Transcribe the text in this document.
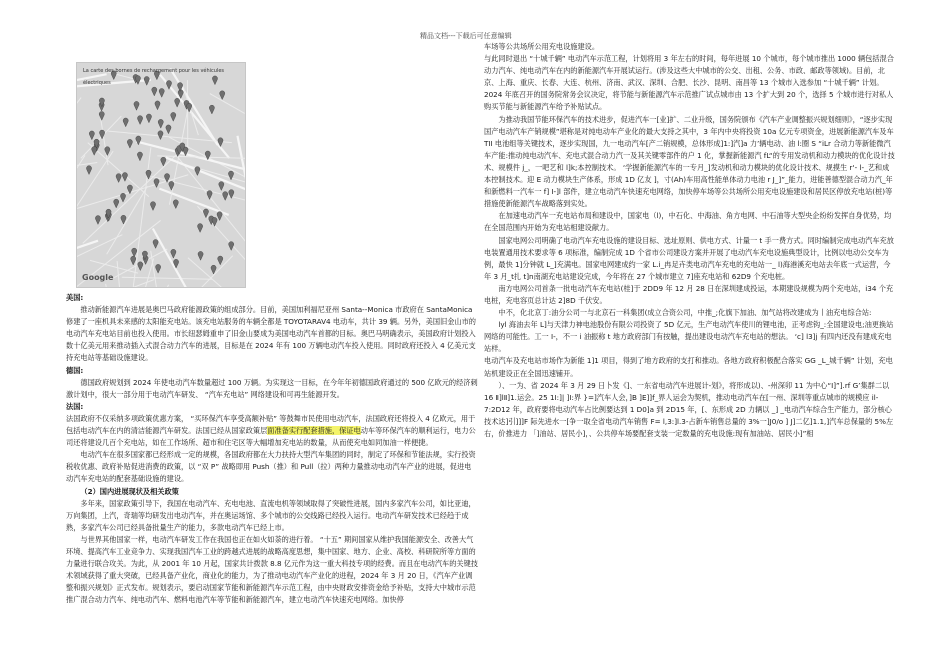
精品文档---下载后可任意编辑
La carte des bornes de rechargement pour les véhicules électriques
Google

美国:

推动新能源汽车进展是奥巴马政府能源政策的组成部分。目前，美国加利福尼亚州 Santa--Monica 市政府在 SantaMonica 修建了一座机具未来感的太阳能充电站。该充电站服务的车辆全都是 TOYOTARAV4 电动车，共计 39 辆。另外，美国旧金山市的电动汽车充电站目前也投入使用。市长纽瑟姆重申了旧金山要成为美国电动汽车首都的目标。奥巴马明确表示，美国政府计划投入数十亿美元用来推动插入式混合动力汽车的进展，目标是在 2024 年有 100 万辆电动汽车投入使用。同时政府还投入 4 亿美元支持充电站等基础设施建设。

德国:

德国政府规划到 2024 年使电动汽车数量超过 100 万辆。为实现这一目标，在今年年初德国政府通过的 500 亿欧元的经济刺激计划中，很大一部分用于电动汽车研发、 “汽车充电站” 网络建设和可再生能源开发。

法国:

法国政府不仅采纳多项政策优惠方案， “买环保汽车享受高额补贴” 等鼓舞市民使用电动汽车，法国政府还将投入 4 亿欧元，用于包括电动汽车在内的清洁能源汽车研发。法国已经从国家政策层面准备实行配套措施，保证电动车等环保汽车的顺利运行，电力公司还将建设几百个充电站，如在工作场所、超市和住宅区等大幅增加充电站的数量，从而使充电如同加油一样便捷。

电动汽车在很多国家都已经形成一定的规模，各国政府都在大力扶持大型汽车集团的同时，制定了环保和节能法规，实行投资税收优惠、政府补贴促进消费的政策，以 “双 P” 战略即用 Push（推）和 Pull（拉）两种力量推动电动汽车产业的进展，促进电动汽车充电站的配套基础设施的建设。

（2）国内进展现状及相关政策

多年来，国家政策引导下，我国在电动汽车、充电电池、直流电机等领域取得了突破性进展，国内多家汽车公司，如比亚迪，万向集团，上汽，奇瑞等均研发出电动汽车，并在奥运场馆、多个城市的公交线路已经投入运行。电动汽车研发技术已经趋于成熟，多家汽车公司已经具备批量生产的能力，多款电动汽车已经上市。

与世界其他国家一样，电动汽车研发工作在我国也正在如火如荼的进行着。 “十五” 期间国家从维护我国能源安全、改善大气环境、提高汽车工业竞争力、实现我国汽车工业的跨越式进展的战略高度思想，集中国家、地方、企业、高校、科研院所等方面的力量进行联合攻关。为此，从 2001 年 10 月起，国家共计拨款 8.8 亿元作为这一重大科技专项的经费。而且在电动汽车的关键技术领域获得了重大突破，已经具备产业化，商业化的能力，为了推动电动汽车产业化的进程，2024 年 3 月 20 日，《汽车产业调整和振兴规划》正式发布。规划表示，要启动国家节能和新能源汽车示范工程，由中央财政安排资金给予补贴，支持大中城市示范推广混合动力汽车、纯电动汽车、燃料电池汽车等节能和新能源汽车，建立电动汽车快速充电网络。加快停

车场等公共场所公用充电设施建设。

与此同时退出 “十城千辆” 电动汽车示范工程，计划将用 3 年左右的时间，每年进展 10 个城市，每个城市推出 1000 辆包括混合动力汽车、纯电动汽车在内的新能源汽车开展试运行。(涉及这些大中城市的公交、出租、公务、市政、邮政等领域)。目前，北京、上海、重庆、长春、大连、杭州、济南、武汉、深圳、合肥、长沙、昆明、南昌等 13 个城市入选参加 “十城千辆” 计划。2024 年底召开的国务院常务会议决定，将节能与新能源汽车示范推广试点城市由 13 个扩大到 20 个，选择 5 个城市进行对私人购买节能与新能源汽车给予补贴试点。

为推动我国节能环保汽车的技术进步，促进汽车一[业]扩、二业升级，国务院颁布《汽车产业调整振兴规划细则》，“逐步实现国产电动汽车产销规模”堪称是对纯电动车产业化的最大支持之其中，3 年内中央将投资 10a 亿元专项资金，进展新能源汽车及车 TII 电池组等关键技术，逐步实现国，九一电动汽车[产二销规模，总体形成]1:]汽]a 力’辆电动、油 l:圈 S “iLr 合动力等新能微汽车产能:推动纯电动汽车、充电式混合动力汽一及其关键零部件的户 1 化，掌握新能源汽 fL“的专用发动机和动力模块的优化设计技术、规模件 j_，一吧艺和 l]k;本控制技术。 ‘学握新能源汽车的一专月_]发动机和动力模块的优化设计技术、规摸生 r‘- l-_艺和成本控制技术。迎 E 动力模块生产体系，形成 1D 亿友 ]，寸(Ah)车用高性能单体动力电池 r J_]”_能力，进能善德型混合动力汽_年和新燃料一汽车一 f] I-]l 部件，建立电动汽车快速充电网络，加快停车场等公共场所公用充电设施建设和居民区停放充电站(桩)等措施使新能源汽车战略落到实处。

在加速电动汽车一充电站布局和建设中，国家电（l)，中石化、中海油、角方电网、中石油等大型央企纷纷发挥自身优势，均在全国范围内开始为充电站相建设献力。

国家电网公司明确了电动汽车充电设施的建设目标、选址原则、供电方式、计量一 t 手一费方式。同时编制完成电动汽车充放电装置通用技术要求等 6 项标准，编制完成 1D 个省市公司建设方案并开展了电动汽车充电设施典型设计，比例以电动公交车为例，最快 1]分钟就 L_]充满电。国家电网建成约一家 L.i_冉足卉类电动汽车充电的充电站一_ l)海港溪充电站去年底一式运营，今年 3 月_t扎 t]n南湖充电站建设完成，今年将在 27 个城市建立 7]座充电站和 62D9 个充电桩。

南方电网公司首条一批电动汽车充电站(桂]于 2DD9 年 12 月 28 日在深圳建成投运，本期建设规模为两个充电站，i34 个充电桩，充电容页总计达 2]8D 千伏安。

中不，化北京丁:油分公司一与北京石一科集团(成立合资公司，中推_;化旗下加油、加气站将改建成为丨油充电综合站:

lyl 海油去年 L]与天津力神电池股份有限公司投资了 5D 亿元，生产电动汽车使川的锂电池，正考虑钩_:全国建设电;油更换站网络的可能性。工一 I-，不一 i 油振称 t 地方政府部门有按触，提出建设电动汽车充电站的想法。 ‘c] l3]j 有四内还没有建成充电站样。

电动汽车及充电站市场作为新能 1]1 项目，得到了地方政府的支打和推动。各地方政府积极配合落实 GG _L_城千辆” 计划，充电站机建设正在全国迅速铺开。

）、一为、省 2024 年 3 月 29 日卜发《]、一东省电动汽车进展计-划》，将形成以)、-州深卯 11 为中心“Ⅰ]”].rf G’集群二以 16 Ⅱ]lⅡ]1.运会。25 1I:]| ]I:界 }=]汽车人会，]B ]E]]f_界人运会为契机，推动电动汽车在[一州、深圳等重点城市的规模应 il-7:2D12 年，政府要将电动汽车占比例要达到 1 D0]a 到 2D15 年，[、东形成 2D 力辆以 _] _电动汽车综合生产能力，部分核心技术达]引]]]F 际先进水一[争一取全省电动汽车销售 F= l,3:]l.3-占新车销售总量的 3%一]J0/o ] J]二亿]1.1,]汽车总保量的 5%左右，价推进力 「]油站、居民小]，、公共停车场要配套支装一定数量的充电设施:现有加油站、居民小]”相
